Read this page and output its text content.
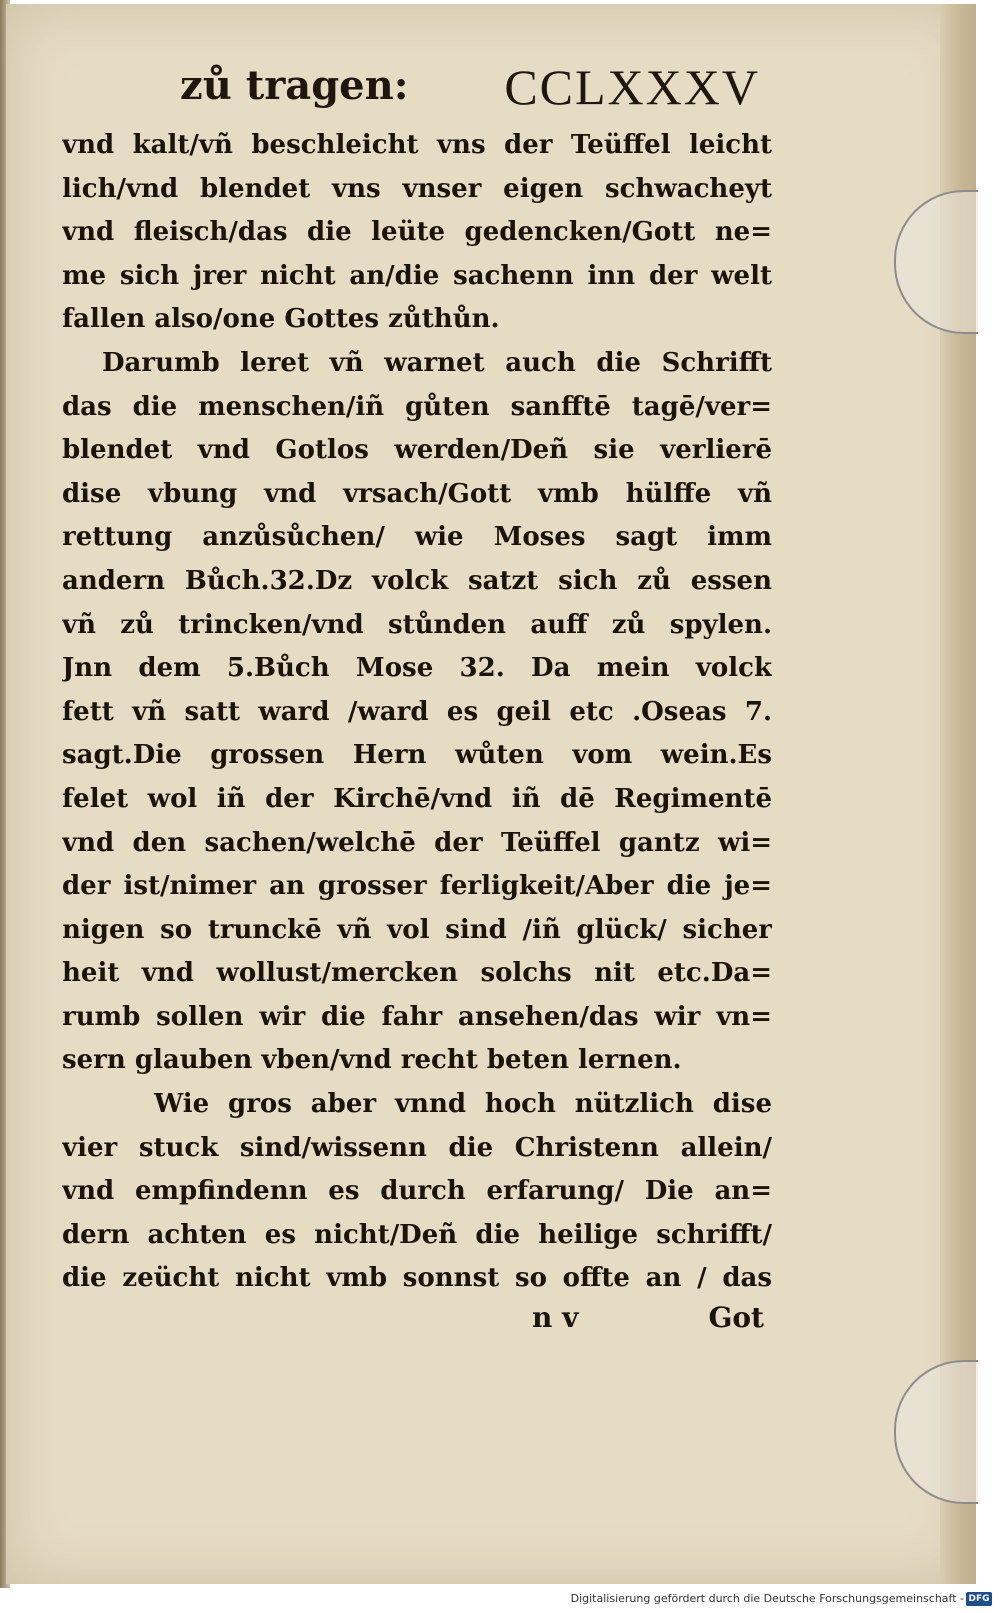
zů tragen: CCLXXXV
vnd kalt/vñ beschleicht vns der Teüffel leicht
lich/vnd blendet vns vnser eigen schwacheyt
vnd fleisch/das die leüte gedencken/Gott ne=
me sich jrer nicht an/die sachenn inn der welt
fallen also/one Gottes zůthůn.
Darumb leret vñ warnet auch die Schrifft
das die menschen/iñ gůten sanfftē tagē/ver=
blendet vnd Gotlos werden/Deñ sie verlierē
dise vbung vnd vrsach/Gott vmb hülffe vñ
rettung anzůsůchen/ wie Moses sagt imm
andern Bůch.32.Dz volck satzt sich zů essen
vñ zů trincken/vnd stůnden auff zů spylen.
Jnn dem 5.Bůch Mose 32. Da mein volck
fett vñ satt ward /ward es geil etc .Oseas 7.
sagt.Die grossen Hern wůten vom wein.Es
felet wol iñ der Kirchē/vnd iñ dē Regimentē
vnd den sachen/welchē der Teüffel gantz wi=
der ist/nimer an grosser ferligkeit/Aber die je=
nigen so trunckē vñ vol sind /iñ glück/ sicher
heit vnd wollust/mercken solchs nit etc.Da=
rumb sollen wir die fahr ansehen/das wir vn=
sern glauben vben/vnd recht beten lernen.
Wie gros aber vnnd hoch nützlich dise
vier stuck sind/wissenn die Christenn allein/
vnd empfindenn es durch erfarung/ Die an=
dern achten es nicht/Deñ die heilige schrifft/
die zeücht nicht vmb sonnst so offte an / das
n v	Got
Digitalisierung gefördert durch die Deutsche Forschungsgemeinschaft - DFG
